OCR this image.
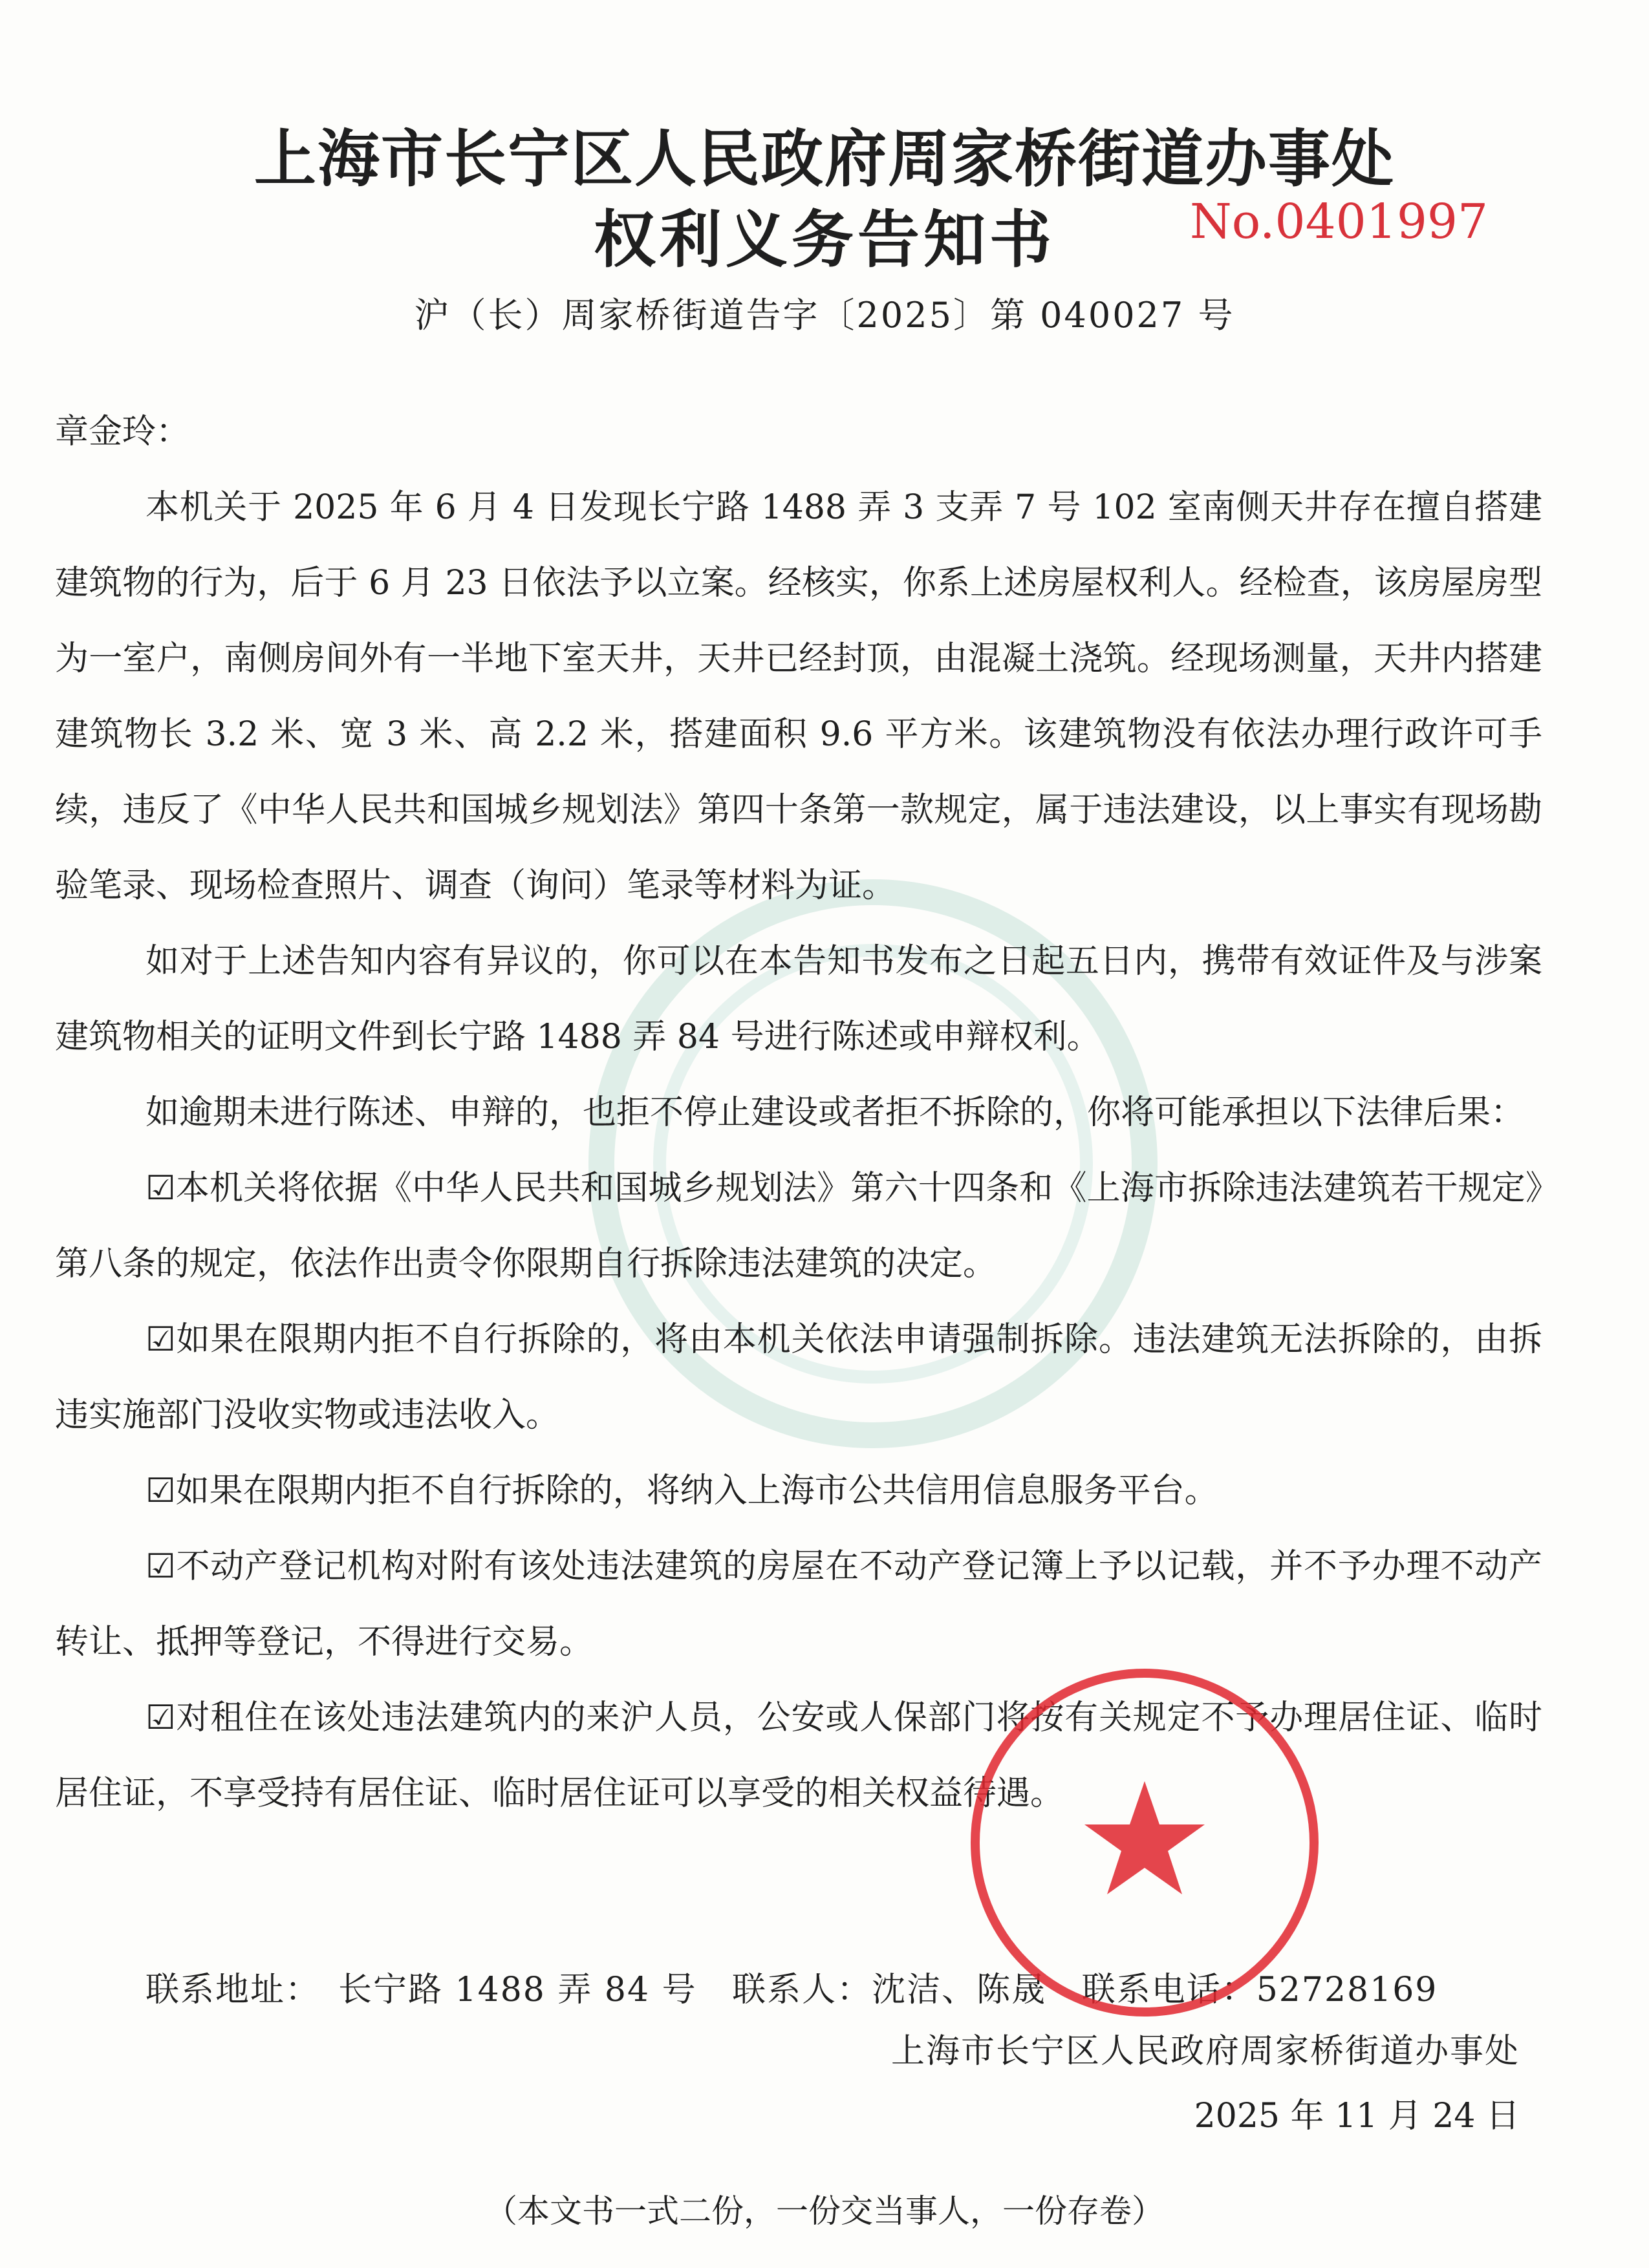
上海市长宁区人民政府周家桥街道办事处
权利义务告知书	No.0401997
沪（长）周家桥街道告字〔2025〕第 040027 号

章金玲：

本机关于 2025 年 6 月 4 日发现长宁路 1488 弄 3 支弄 7 号 102 室南侧天井存在擅自搭建建筑物的行为，后于 6 月 23 日依法予以立案。经核实，你系上述房屋权利人。经检查，该房屋房型为一室户，南侧房间外有一半地下室天井，天井已经封顶，由混凝土浇筑。经现场测量，天井内搭建建筑物长 3.2 米、宽 3 米、高 2.2 米，搭建面积 9.6 平方米。该建筑物没有依法办理行政许可手续，违反了《中华人民共和国城乡规划法》第四十条第一款规定，属于违法建设，以上事实有现场勘验笔录、现场检查照片、调查（询问）笔录等材料为证。

如对于上述告知内容有异议的，你可以在本告知书发布之日起五日内，携带有效证件及与涉案建筑物相关的证明文件到长宁路 1488 弄 84 号进行陈述或申辩权利。

如逾期未进行陈述、申辩的，也拒不停止建设或者拒不拆除的，你将可能承担以下法律后果：

☑本机关将依据《中华人民共和国城乡规划法》第六十四条和《上海市拆除违法建筑若干规定》第八条的规定，依法作出责令你限期自行拆除违法建筑的决定。

☑如果在限期内拒不自行拆除的，将由本机关依法申请强制拆除。违法建筑无法拆除的，由拆违实施部门没收实物或违法收入。

☑如果在限期内拒不自行拆除的，将纳入上海市公共信用信息服务平台。

☑不动产登记机构对附有该处违法建筑的房屋在不动产登记簿上予以记载，并不予办理不动产转让、抵押等登记，不得进行交易。

☑对租住在该处违法建筑内的来沪人员，公安或人保部门将按有关规定不予办理居住证、临时居住证，不享受持有居住证、临时居住证可以享受的相关权益待遇。

联系地址：　长宁路 1488 弄 84 号 联系人：沈洁、陈晟 联系电话：52728169
上海市长宁区人民政府周家桥街道办事处
2025 年 11 月 24 日
（本文书一式二份，一份交当事人，一份存卷）
